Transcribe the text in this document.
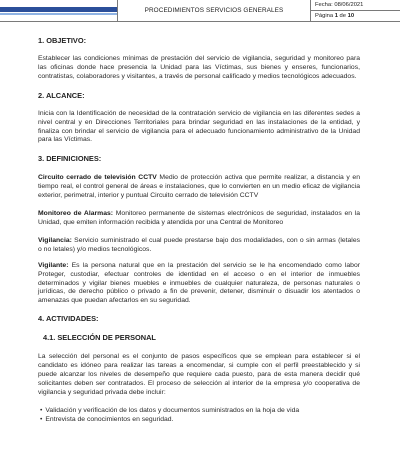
PROCEDIMIENTOS SERVICIOS GENERALES
Fecha: 08/06/2021
Página 1 de 10
1. OBJETIVO:

Establecer las condiciones mínimas de prestación del servicio de vigilancia, seguridad y monitoreo para las oficinas donde hace presencia la Unidad para las Víctimas, sus bienes y enseres, funcionarios, contratistas, colaboradores y visitantes, a través de personal calificado y medios tecnológicos adecuados.

2. ALCANCE:

Inicia con la Identificación de necesidad de la contratación servicio de vigilancia en las diferentes sedes a nivel central y en Direcciones Territoriales para brindar seguridad en las instalaciones de la entidad, y finaliza con brindar el servicio de vigilancia para el adecuado funcionamiento administrativo de la Unidad para las Víctimas.

3. DEFINICIONES:

Circuito cerrado de televisión CCTV Medio de protección activa que permite realizar, a distancia y en tiempo real, el control general de áreas e instalaciones, que lo convierten en un medio eficaz de vigilancia exterior, perimetral, interior y puntual Circuito cerrado de televisión CCTV

Monitoreo de Alarmas: Monitoreo permanente de sistemas electrónicos de seguridad, instalados en la Unidad, que emiten información recibida y atendida por una Central de Monitoreo

Vigilancia: Servicio suministrado el cual puede prestarse bajo dos modalidades, con o sin armas (letales o no letales) y/o medios tecnológicos.

Vigilante: Es la persona natural que en la prestación del servicio se le ha encomendado como labor Proteger, custodiar, efectuar controles de identidad en el acceso o en el interior de inmuebles determinados y vigilar bienes muebles e inmuebles de cualquier naturaleza, de personas naturales o jurídicas, de derecho público o privado a fin de prevenir, detener, disminuir o disuadir los atentados o amenazas que puedan afectarlos en su seguridad.

4. ACTIVIDADES:
4.1. SELECCIÓN DE PERSONAL

La selección del personal es el conjunto de pasos específicos que se emplean para establecer si el candidato es idóneo para realizar las tareas a encomendar, si cumple con el perfil preestablecido y si puede alcanzar los niveles de desempeño que requiere cada puesto, para de esta manera decidir qué solicitantes deben ser contratados. El proceso de selección al interior de la empresa y/o cooperativa de vigilancia y seguridad privada debe incluir:

• Validación y verificación de los datos y documentos suministrados en la hoja de vida
• Entrevista de conocimientos en seguridad.
